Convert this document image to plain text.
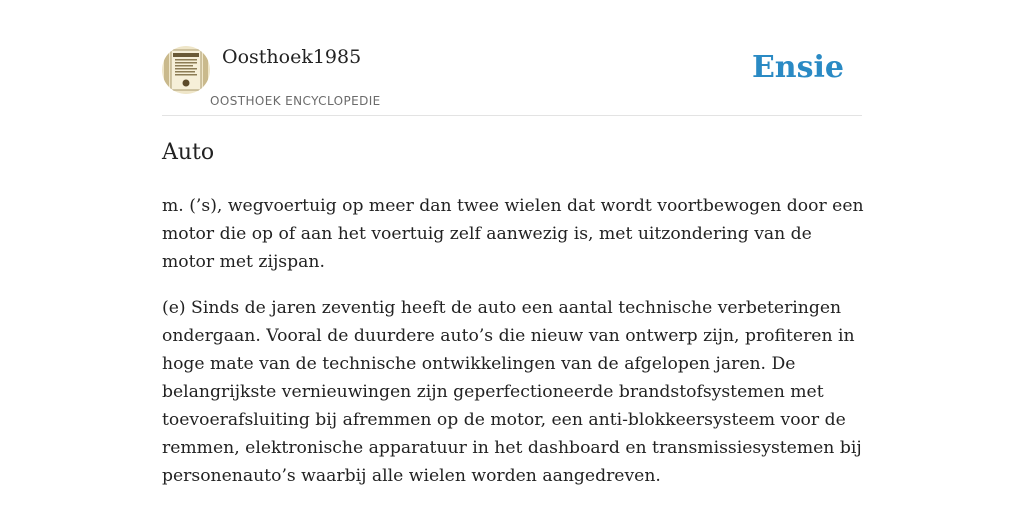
Oosthoek1985
OOSTHOEK ENCYCLOPEDIE
Ensie
Auto

m. (’s), wegvoertuig op meer dan twee wielen dat wordt voortbewogen door een motor die op of aan het voertuig zelf aanwezig is, met uitzondering van de motor met zijspan.

(e) Sinds de jaren zeventig heeft de auto een aantal technische verbeteringen ondergaan. Vooral de duurdere auto’s die nieuw van ontwerp zijn, profiteren in hoge mate van de technische ontwikkelingen van de afgelopen jaren. De belangrijkste vernieuwingen zijn geperfectioneerde brandstofsystemen met toevoerafsluiting bij afremmen op de motor, een anti-blokkeersysteem voor de remmen, elektronische apparatuur in het dashboard en transmissiesystemen bij personenauto’s waarbij alle wielen worden aangedreven.
